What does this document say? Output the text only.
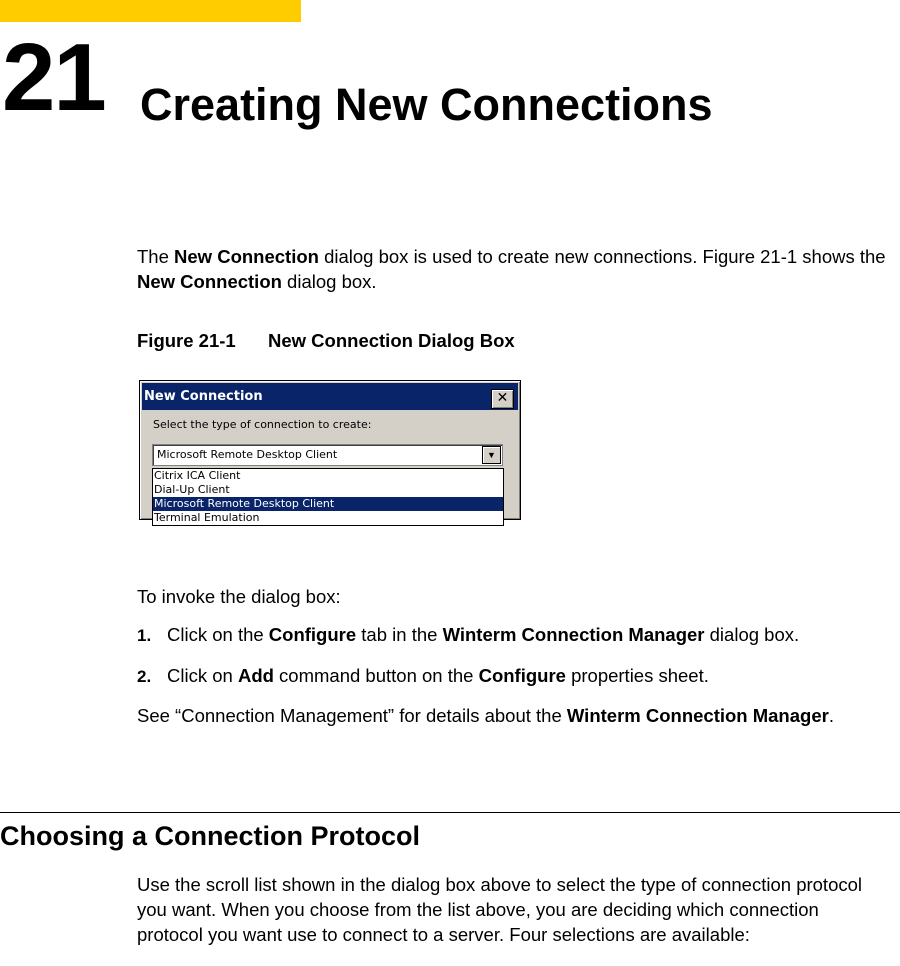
21 Creating New Connections

The New Connection dialog box is used to create new connections. Figure 21-1 shows the New Connection dialog box.

Figure 21-1 New Connection Dialog Box
New Connection	✕
Select the type of connection to create:
Microsoft Remote Desktop Client	▼
Citrix ICA Client
Dial-Up Client
Microsoft Remote Desktop Client
Terminal Emulation

To invoke the dialog box:

1. Click on the Configure tab in the Winterm Connection Manager dialog box.
2. Click on Add command button on the Configure properties sheet.

See “Connection Management” for details about the Winterm Connection Manager.

Choosing a Connection Protocol

Use the scroll list shown in the dialog box above to select the type of connection protocol you want. When you choose from the list above, you are deciding which connection protocol you want use to connect to a server. Four selections are available:
